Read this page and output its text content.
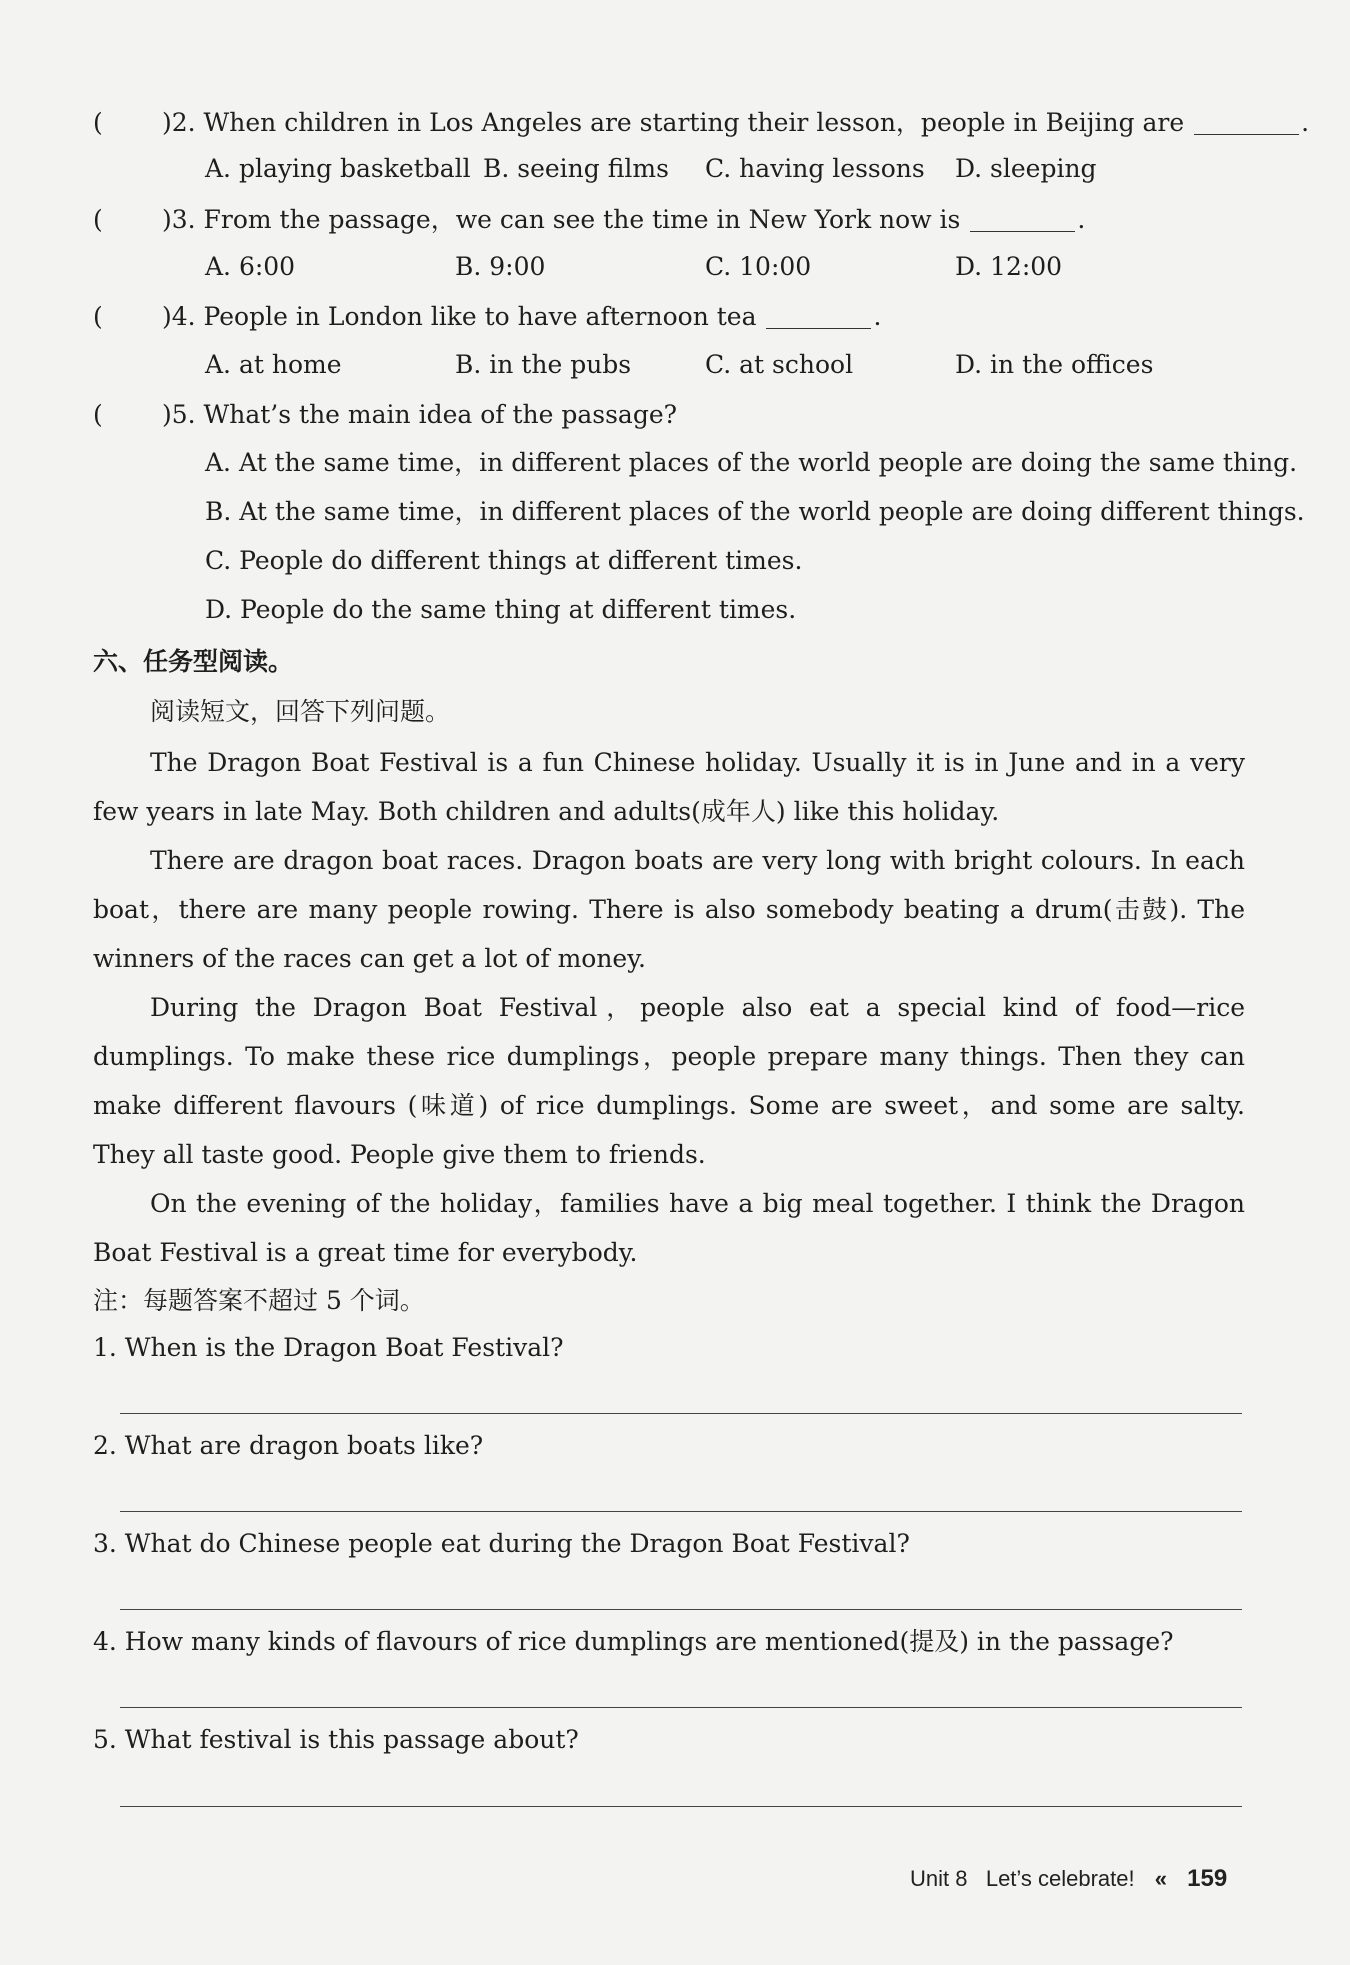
( )2. When children in Los Angeles are starting their lesson，people in Beijing are	.
A. playing basketball B. seeing films C. having lessons D. sleeping
( )3. From the passage，we can see the time in New York now is	.
A. 6:00	B. 9:00	C. 10:00	D. 12:00
( )4. People in London like to have afternoon tea	.
A. at home	B. in the pubs	C. at school	D. in the offices
( )5. What’s the main idea of the passage?
A. At the same time，in different places of the world people are doing the same thing.
B. At the same time，in different places of the world people are doing different things.
C. People do different things at different times.
D. People do the same thing at different times.
六、任务型阅读。
阅读短文，回答下列问题。
The Dragon Boat Festival is a fun Chinese holiday. Usually it is in June and in a very few years in late May. Both children and adults(成年人) like this holiday.
There are dragon boat races. Dragon boats are very long with bright colours. In each boat，there are many people rowing. There is also somebody beating a drum(击鼓). The winners of the races can get a lot of money.
During the Dragon Boat Festival，people also eat a special kind of food—rice dumplings. To make these rice dumplings，people prepare many things. Then they can make different flavours (味道) of rice dumplings. Some are sweet，and some are salty. They all taste good. People give them to friends.
On the evening of the holiday，families have a big meal together. I think the Dragon Boat Festival is a great time for everybody.
注：每题答案不超过 5 个词。
1. When is the Dragon Boat Festival?
2. What are dragon boats like?
3. What do Chinese people eat during the Dragon Boat Festival?
4. How many kinds of flavours of rice dumplings are mentioned(提及) in the passage?
5. What festival is this passage about?
Unit 8 Let’s celebrate! « 159
